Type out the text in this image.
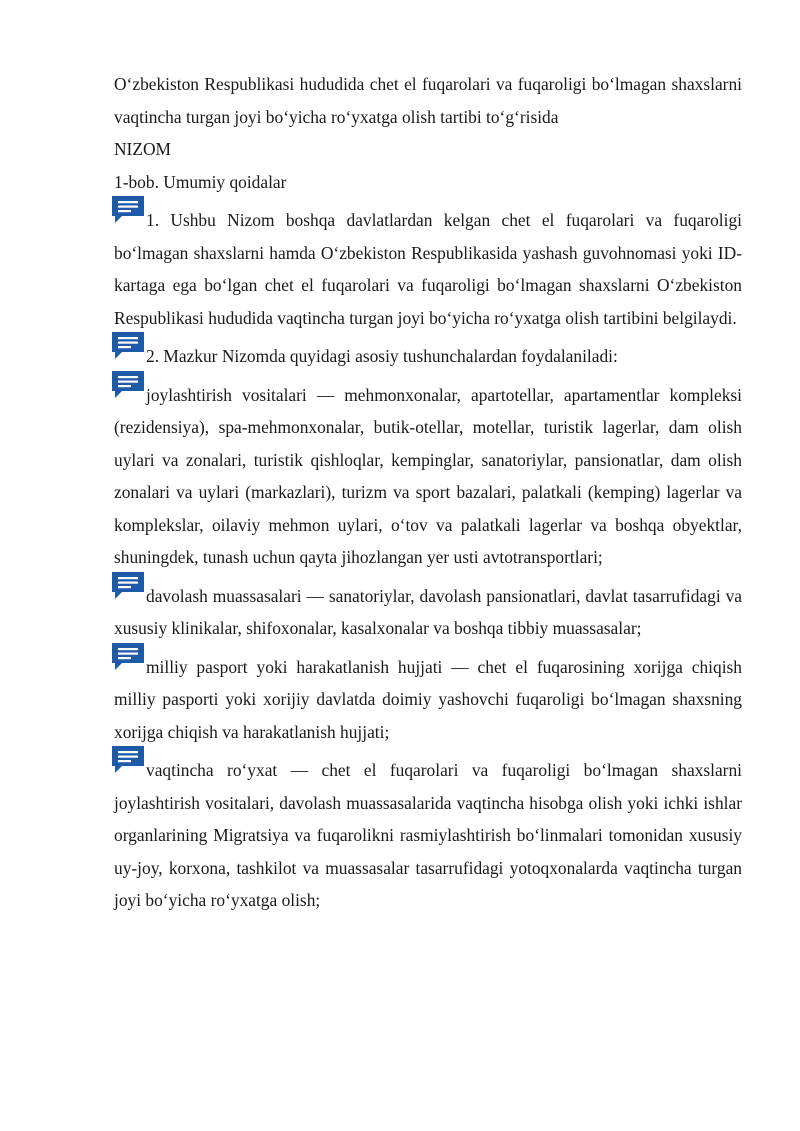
O‘zbekiston Respublikasi hududida chet el fuqarolari va fuqaroligi bo‘lmagan shaxslarni vaqtincha turgan joyi bo‘yicha ro‘yxatga olish tartibi to‘g‘risida

NIZOM

1-bob. Umumiy qoidalar

1. Ushbu Nizom boshqa davlatlardan kelgan chet el fuqarolari va fuqaroligi bo‘lmagan shaxslarni hamda O‘zbekiston Respublikasida yashash guvohnomasi yoki ID-kartaga ega bo‘lgan chet el fuqarolari va fuqaroligi bo‘lmagan shaxslarni O‘zbekiston Respublikasi hududida vaqtincha turgan joyi bo‘yicha ro‘yxatga olish tartibini belgilaydi.

2. Mazkur Nizomda quyidagi asosiy tushunchalardan foydalaniladi:

joylashtirish vositalari — mehmonxonalar, apartotellar, apartamentlar kompleksi (rezidensiya), spa-mehmonxonalar, butik-otellar, motellar, turistik lagerlar, dam olish uylari va zonalari, turistik qishloqlar, kempinglar, sanatoriylar, pansionatlar, dam olish zonalari va uylari (markazlari), turizm va sport bazalari, palatkali (kemping) lagerlar va komplekslar, oilaviy mehmon uylari, o‘tov va palatkali lagerlar va boshqa obyektlar, shuningdek, tunash uchun qayta jihozlangan yer usti avtotransportlari;

davolash muassasalari — sanatoriylar, davolash pansionatlari, davlat tasarrufidagi va xususiy klinikalar, shifoxonalar, kasalxonalar va boshqa tibbiy muassasalar;

milliy pasport yoki harakatlanish hujjati — chet el fuqarosining xorijga chiqish milliy pasporti yoki xorijiy davlatda doimiy yashovchi fuqaroligi bo‘lmagan shaxsning xorijga chiqish va harakatlanish hujjati;

vaqtincha ro‘yxat — chet el fuqarolari va fuqaroligi bo‘lmagan shaxslarni joylashtirish vositalari, davolash muassasalarida vaqtincha hisobga olish yoki ichki ishlar organlarining Migratsiya va fuqarolikni rasmiylashtirish bo‘linmalari tomonidan xususiy uy-joy, korxona, tashkilot va muassasalar tasarrufidagi yotoqxonalarda vaqtincha turgan joyi bo‘yicha ro‘yxatga olish;
